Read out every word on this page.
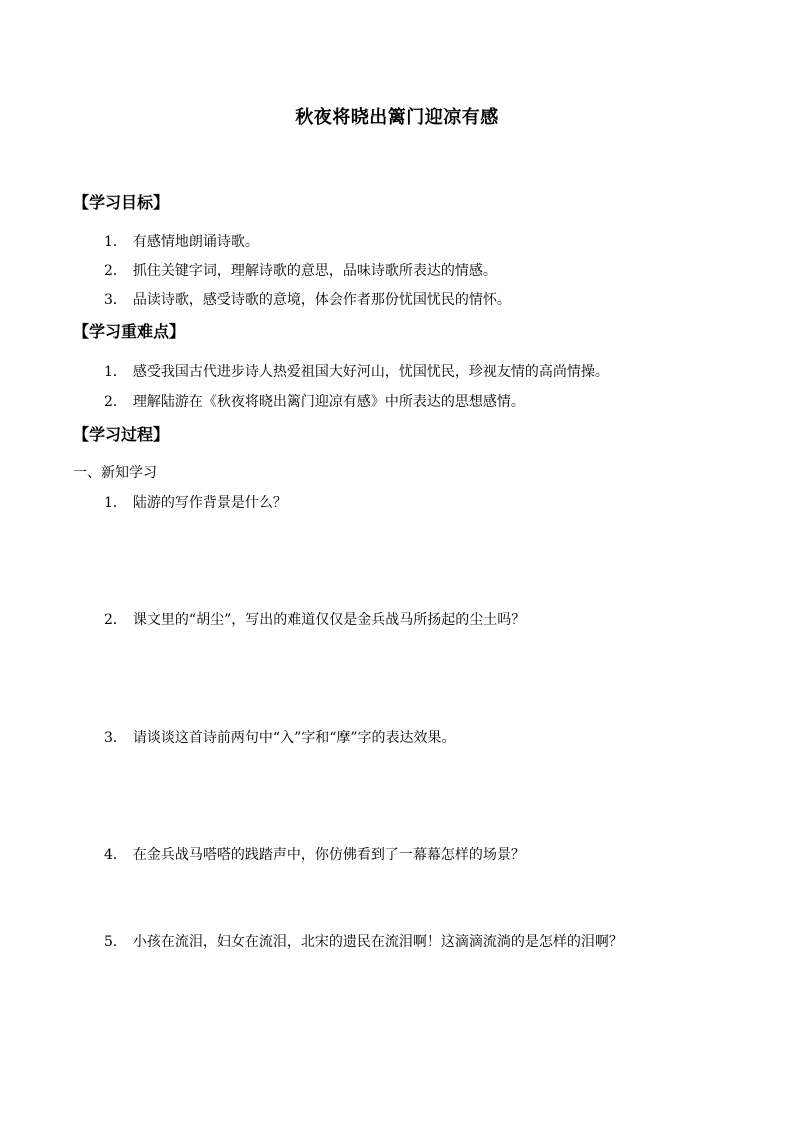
秋夜将晓出篱门迎凉有感
【学习目标】
1． 有感情地朗诵诗歌。
2． 抓住关键字词，理解诗歌的意思，品味诗歌所表达的情感。
3． 品读诗歌，感受诗歌的意境，体会作者那份忧国忧民的情怀。
【学习重难点】
1． 感受我国古代进步诗人热爱祖国大好河山，忧国忧民，珍视友情的高尚情操。
2． 理解陆游在《秋夜将晓出篱门迎凉有感》中所表达的思想感情。
【学习过程】
一、新知学习
1． 陆游的写作背景是什么？
2． 课文里的“胡尘”，写出的难道仅仅是金兵战马所扬起的尘土吗？
3． 请谈谈这首诗前两句中“入”字和“摩”字的表达效果。
4． 在金兵战马嗒嗒的践踏声中，你仿佛看到了一幕幕怎样的场景？
5． 小孩在流泪，妇女在流泪，北宋的遗民在流泪啊！这滴滴流淌的是怎样的泪啊？
